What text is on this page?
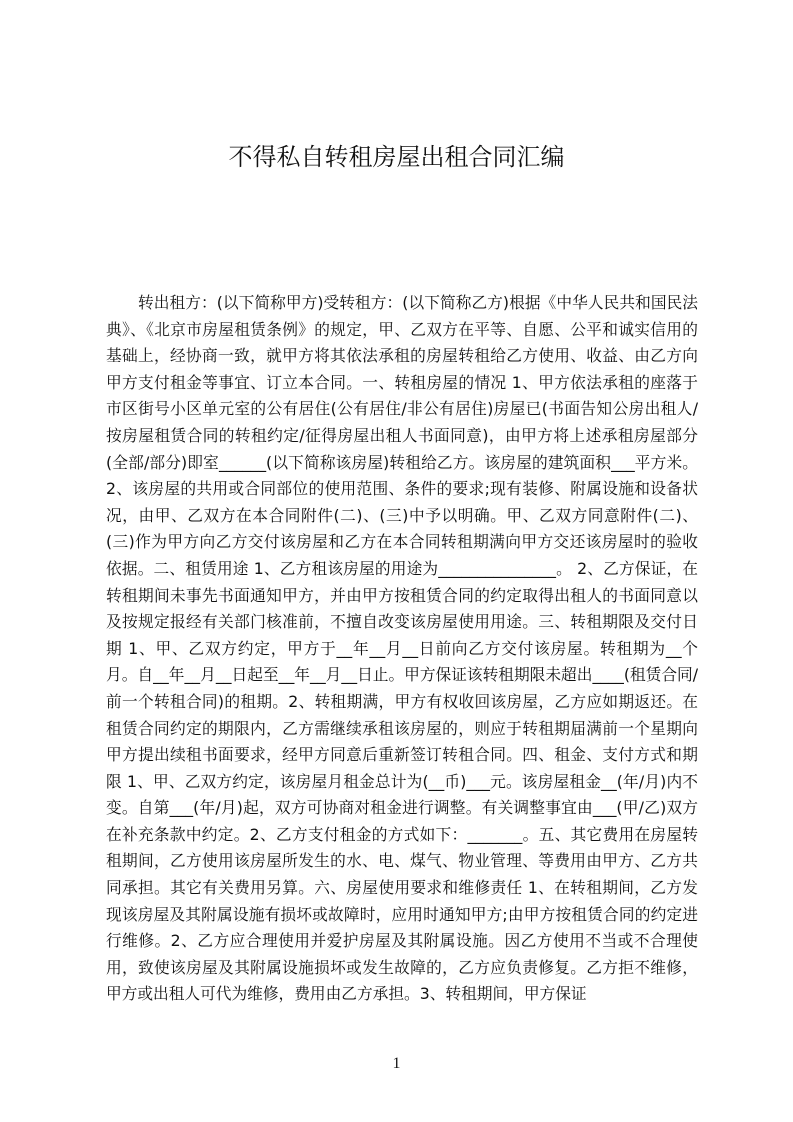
不得私自转租房屋出租合同汇编
转出租方：(以下简称甲方)受转租方：(以下简称乙方)根据《中华人民共和国民法典》、《北京市房屋租赁条例》的规定，甲、乙双方在平等、自愿、公平和诚实信用的基础上，经协商一致，就甲方将其依法承租的房屋转租给乙方使用、收益、由乙方向甲方支付租金等事宜、订立本合同。一、转租房屋的情况 1、甲方依法承租的座落于市区街号小区单元室的公有居住(公有居住/非公有居住)房屋已(书面告知公房出租人/按房屋租赁合同的转租约定/征得房屋出租人书面同意)，由甲方将上述承租房屋部分(全部/部分)即室______(以下简称该房屋)转租给乙方。该房屋的建筑面积___平方米。2、该房屋的共用或合同部位的使用范围、条件的要求;现有装修、附属设施和设备状况，由甲、乙双方在本合同附件(二)、(三)中予以明确。甲、乙双方同意附件(二)、(三)作为甲方向乙方交付该房屋和乙方在本合同转租期满向甲方交还该房屋时的验收依据。二、租赁用途 1、乙方租该房屋的用途为_______________。 2、乙方保证，在转租期间未事先书面通知甲方，并由甲方按租赁合同的约定取得出租人的书面同意以及按规定报经有关部门核准前，不擅自改变该房屋使用用途。三、转租期限及交付日期 1、甲、乙双方约定，甲方于__年__月__日前向乙方交付该房屋。转租期为__个月。自__年__月__日起至__年__月__日止。甲方保证该转租期限未超出____(租赁合同/前一个转租合同)的租期。2、转租期满，甲方有权收回该房屋，乙方应如期返还。在租赁合同约定的期限内，乙方需继续承租该房屋的，则应于转租期届满前一个星期向甲方提出续租书面要求，经甲方同意后重新签订转租合同。四、租金、支付方式和期限 1、甲、乙双方约定，该房屋月租金总计为(__币)___元。该房屋租金__(年/月)内不变。自第___(年/月)起，双方可协商对租金进行调整。有关调整事宜由___(甲/乙)双方在补充条款中约定。2、乙方支付租金的方式如下：_______。五、其它费用在房屋转租期间，乙方使用该房屋所发生的水、电、煤气、物业管理、等费用由甲方、乙方共同承担。其它有关费用另算。六、房屋使用要求和维修责任 1、在转租期间，乙方发现该房屋及其附属设施有损坏或故障时，应用时通知甲方;由甲方按租赁合同的约定进行维修。2、乙方应合理使用并爱护房屋及其附属设施。因乙方使用不当或不合理使用，致使该房屋及其附属设施损坏或发生故障的，乙方应负责修复。乙方拒不维修，甲方或出租人可代为维修，费用由乙方承担。3、转租期间，甲方保证
1
